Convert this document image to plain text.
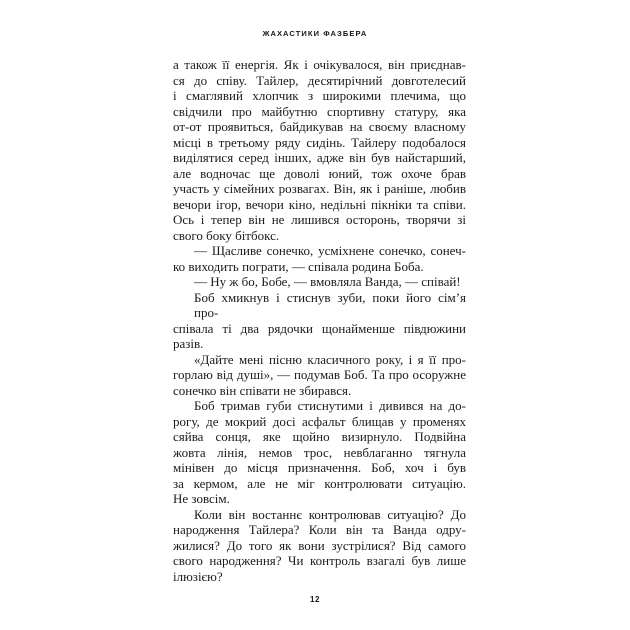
ЖАХАСТИКИ ФАЗБЕРА
а також її енергія. Як і очікувалося, він приєднав-
ся до співу. Тайлер, десятирічний довготелесий
і смаглявий хлопчик з широкими плечима, що
свідчили про майбутню спортивну статуру, яка
от-от проявиться, байдикував на своєму власному
місці в третьому ряду сидінь. Тайлеру подобалося
виділятися серед інших, адже він був найстарший,
але водночас ще доволі юний, тож охоче брав
участь у сімейних розвагах. Він, як і раніше, любив
вечори ігор, вечори кіно, недільні пікніки та співи.
Ось і тепер він не лишився осторонь, творячи зі
свого боку бітбокс.
— Щасливе сонечко, усміхнене сонечко, сонеч-
ко виходить пограти, — співала родина Боба.
— Ну ж бо, Бобе, — вмовляла Ванда, — співай!
Боб хмикнув і стиснув зуби, поки його сім’я про-
співала ті два рядочки щонайменше півдюжини
разів.
«Дайте мені пісню класичного року, і я її про-
горлаю від душі», — подумав Боб. Та про осоружне
сонечко він співати не збирався.
Боб тримав губи стиснутими і дивився на до-
рогу, де мокрий досі асфальт блищав у променях
сяйва сонця, яке щойно визирнуло. Подвійна
жовта лінія, немов трос, невблаганно тягнула
мінівен до місця призначення. Боб, хоч і був
за кермом, але не міг контролювати ситуацію.
Не зовсім.
Коли він востаннє контролював ситуацію? До
народження Тайлера? Коли він та Ванда одру-
жилися? До того як вони зустрілися? Від самого
свого народження? Чи контроль взагалі був лише
ілюзією?
12
